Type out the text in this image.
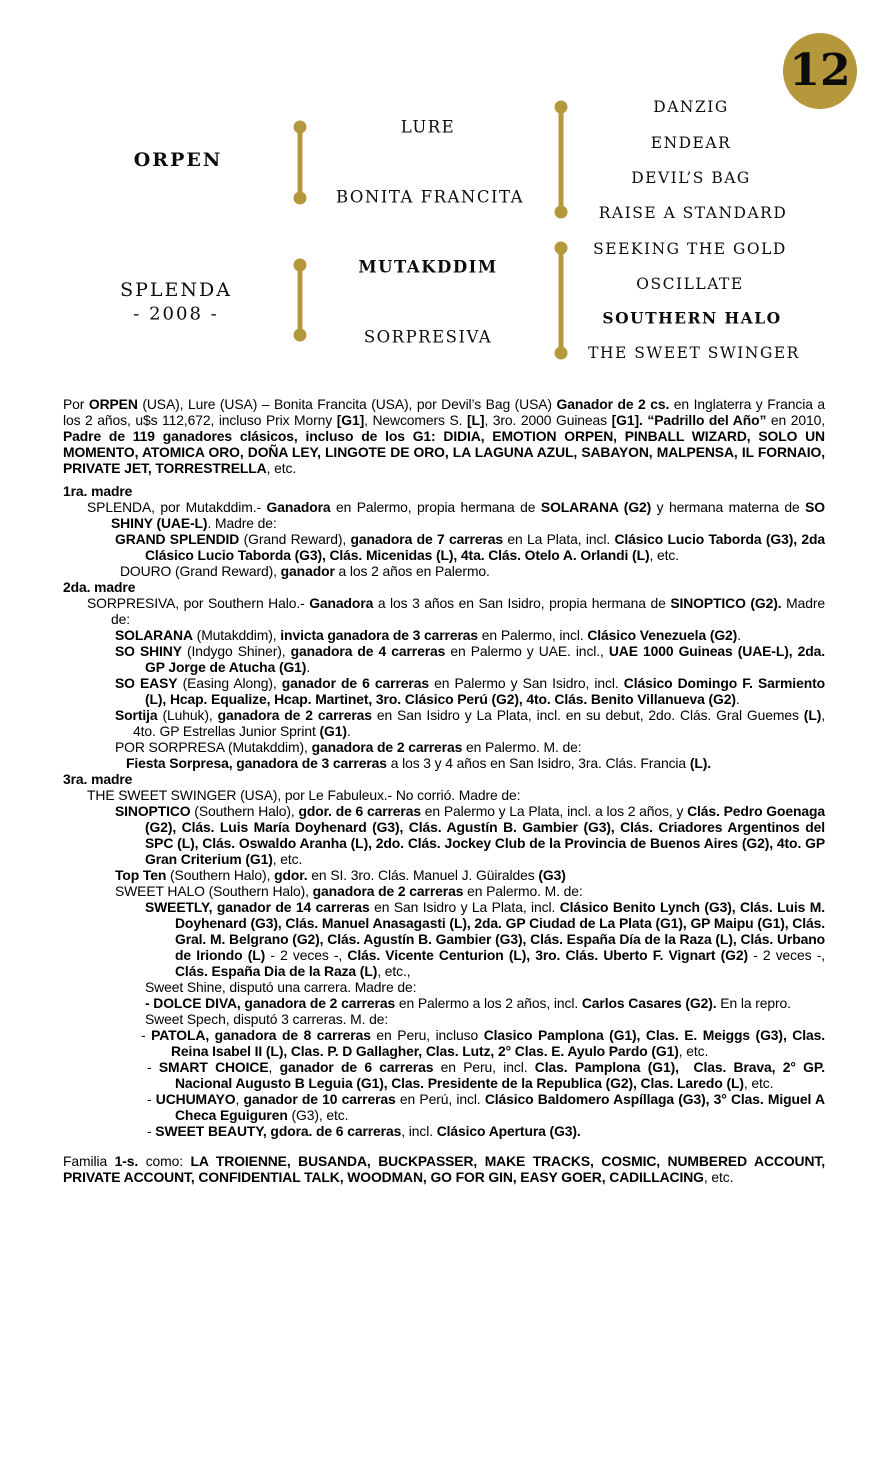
12
ORPEN
SPLENDA
- 2008 -
LURE
BONITA FRANCITA
MUTAKDDIM
SORPRESIVA
DANZIG
ENDEAR
DEVIL’S BAG
RAISE A STANDARD
SEEKING THE GOLD
OSCILLATE
SOUTHERN HALO
THE SWEET SWINGER
Por ORPEN (USA), Lure (USA) – Bonita Francita (USA), por Devil’s Bag (USA) Ganador de 2 cs. en Inglaterra y Francia a los 2 años, u$s 112,672, incluso Prix Morny [G1], Newcomers S. [L], 3ro. 2000 Guineas [G1]. “Padrillo del Año” en 2010, Padre de 119 ganadores clásicos, incluso de los G1: DIDIA, EMOTION ORPEN, PINBALL WIZARD, SOLO UN MOMENTO, ATOMICA ORO, DOÑA LEY, LINGOTE DE ORO, LA LAGUNA AZUL, SABAYON, MALPENSA, IL FORNAIO, PRIVATE JET, TORRESTRELLA, etc.
1ra. madre
SPLENDA, por Mutakddim.- Ganadora en Palermo, propia hermana de SOLARANA (G2) y hermana materna de SO SHINY (UAE-L). Madre de:
GRAND SPLENDID (Grand Reward), ganadora de 7 carreras en La Plata, incl. Clásico Lucio Taborda (G3), 2da Clásico Lucio Taborda (G3), Clás. Micenidas (L), 4ta. Clás. Otelo A. Orlandi (L), etc.
DOURO (Grand Reward), ganador a los 2 años en Palermo.
2da. madre
SORPRESIVA, por Southern Halo.- Ganadora a los 3 años en San Isidro, propia hermana de SINOPTICO (G2). Madre de:
SOLARANA (Mutakddim), invicta ganadora de 3 carreras en Palermo, incl. Clásico Venezuela (G2).
SO SHINY (Indygo Shiner), ganadora de 4 carreras en Palermo y UAE. incl., UAE 1000 Guineas (UAE-L), 2da. GP Jorge de Atucha (G1).
SO EASY (Easing Along), ganador de 6 carreras en Palermo y San Isidro, incl. Clásico Domingo F. Sarmiento (L), Hcap. Equalize, Hcap. Martinet, 3ro. Clásico Perú (G2), 4to. Clás. Benito Villanueva (G2).
Sortija (Luhuk), ganadora de 2 carreras en San Isidro y La Plata, incl. en su debut, 2do. Clás. Gral Guemes (L), 4to. GP Estrellas Junior Sprint (G1).
POR SORPRESA (Mutakddim), ganadora de 2 carreras en Palermo. M. de:
Fiesta Sorpresa, ganadora de 3 carreras a los 3 y 4 años en San Isidro, 3ra. Clás. Francia (L).
3ra. madre
THE SWEET SWINGER (USA), por Le Fabuleux.- No corrió. Madre de:
SINOPTICO (Southern Halo), gdor. de 6 carreras en Palermo y La Plata, incl. a los 2 años, y Clás. Pedro Goenaga (G2), Clás. Luis María Doyhenard (G3), Clás. Agustín B. Gambier (G3), Clás. Criadores Argentinos del SPC (L), Clás. Oswaldo Aranha (L), 2do. Clás. Jockey Club de la Provincia de Buenos Aires (G2), 4to. GP Gran Criterium (G1), etc.
Top Ten (Southern Halo), gdor. en SI. 3ro. Clás. Manuel J. Güiraldes (G3)
SWEET HALO (Southern Halo), ganadora de 2 carreras en Palermo. M. de:
SWEETLY, ganador de 14 carreras en San Isidro y La Plata, incl. Clásico Benito Lynch (G3), Clás. Luis M. Doyhenard (G3), Clás. Manuel Anasagasti (L), 2da. GP Ciudad de La Plata (G1), GP Maipu (G1), Clás. Gral. M. Belgrano (G2), Clás. Agustín B. Gambier (G3), Clás. España Día de la Raza (L), Clás. Urbano de Iriondo (L) - 2 veces -, Clás. Vicente Centurion (L), 3ro. Clás. Uberto F. Vignart (G2) - 2 veces -, Clás. España Dia de la Raza (L), etc.,
Sweet Shine, disputó una carrera. Madre de:
- DOLCE DIVA, ganadora de 2 carreras en Palermo a los 2 años, incl. Carlos Casares (G2). En la repro.
Sweet Spech, disputó 3 carreras. M. de:
- PATOLA, ganadora de 8 carreras en Peru, incluso Clasico Pamplona (G1), Clas. E. Meiggs (G3), Clas. Reina Isabel II (L), Clas. P. D Gallagher, Clas. Lutz, 2° Clas. E. Ayulo Pardo (G1), etc.
- SMART CHOICE, ganador de 6 carreras en Peru, incl. Clas. Pamplona (G1),  Clas. Brava, 2° GP. Nacional Augusto B Leguia (G1), Clas. Presidente de la Republica (G2), Clas. Laredo (L), etc.
- UCHUMAYO, ganador de 10 carreras en Perú, incl. Clásico Baldomero Aspíllaga (G3), 3° Clas. Miguel A Checa Eguiguren (G3), etc.
- SWEET BEAUTY, gdora. de 6 carreras, incl. Clásico Apertura (G3).
Familia 1-s. como: LA TROIENNE, BUSANDA, BUCKPASSER, MAKE TRACKS, COSMIC, NUMBERED ACCOUNT, PRIVATE ACCOUNT, CONFIDENTIAL TALK, WOODMAN, GO FOR GIN, EASY GOER, CADILLACING, etc.
